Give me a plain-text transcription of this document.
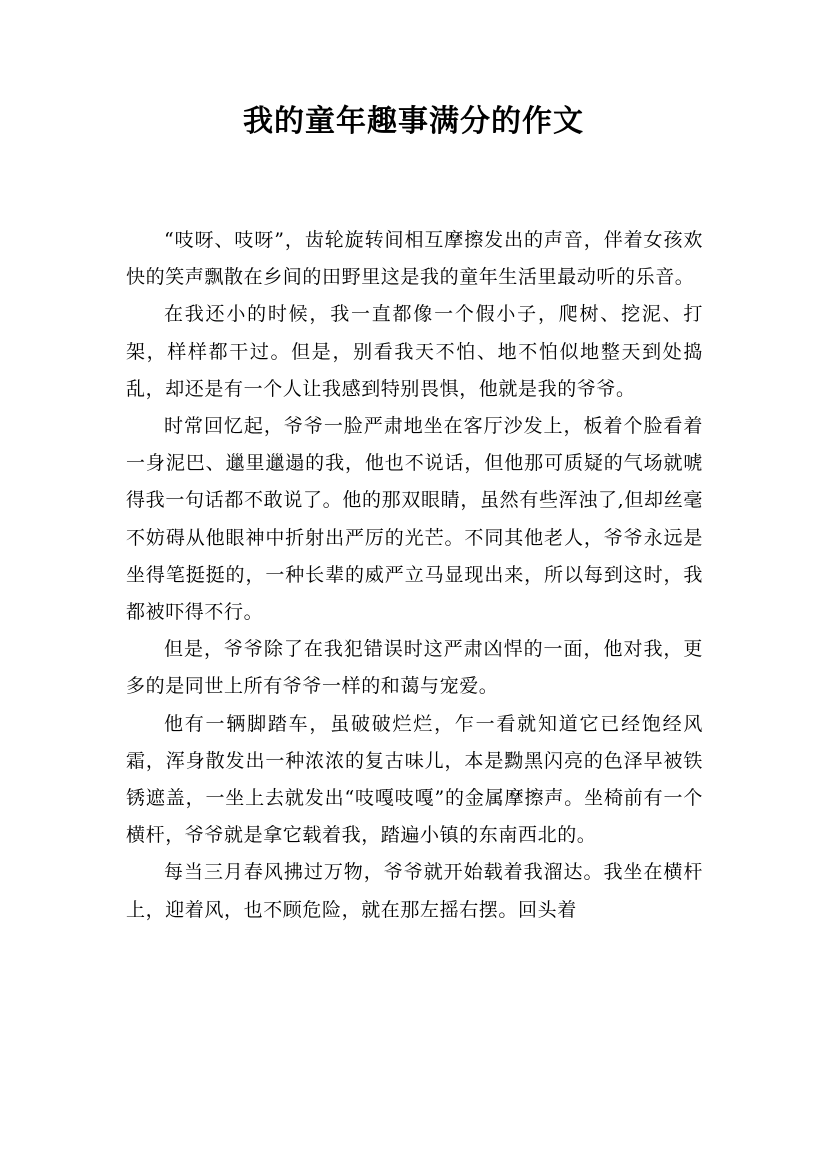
我的童年趣事满分的作文

“吱呀、吱呀”，齿轮旋转间相互摩擦发出的声音，伴着女孩欢快的笑声飘散在乡间的田野里这是我的童年生活里最动听的乐音。

在我还小的时候，我一直都像一个假小子，爬树、挖泥、打架，样样都干过。但是，别看我天不怕、地不怕似地整天到处捣乱，却还是有一个人让我感到特别畏惧，他就是我的爷爷。

时常回忆起，爷爷一脸严肃地坐在客厅沙发上，板着个脸看着一身泥巴、邋里邋遢的我，他也不说话，但他那可质疑的气场就唬得我一句话都不敢说了。他的那双眼睛，虽然有些浑浊了,但却丝毫不妨碍从他眼神中折射出严厉的光芒。不同其他老人，爷爷永远是坐得笔挺挺的，一种长辈的威严立马显现出来，所以每到这时，我都被吓得不行。

但是，爷爷除了在我犯错误时这严肃凶悍的一面，他对我，更多的是同世上所有爷爷一样的和蔼与宠爱。

他有一辆脚踏车，虽破破烂烂，乍一看就知道它已经饱经风霜，浑身散发出一种浓浓的复古味儿，本是黝黑闪亮的色泽早被铁锈遮盖，一坐上去就发出“吱嘎吱嘎”的金属摩擦声。坐椅前有一个横杆，爷爷就是拿它载着我，踏遍小镇的东南西北的。

每当三月春风拂过万物，爷爷就开始载着我溜达。我坐在横杆上，迎着风，也不顾危险，就在那左摇右摆。回头着
